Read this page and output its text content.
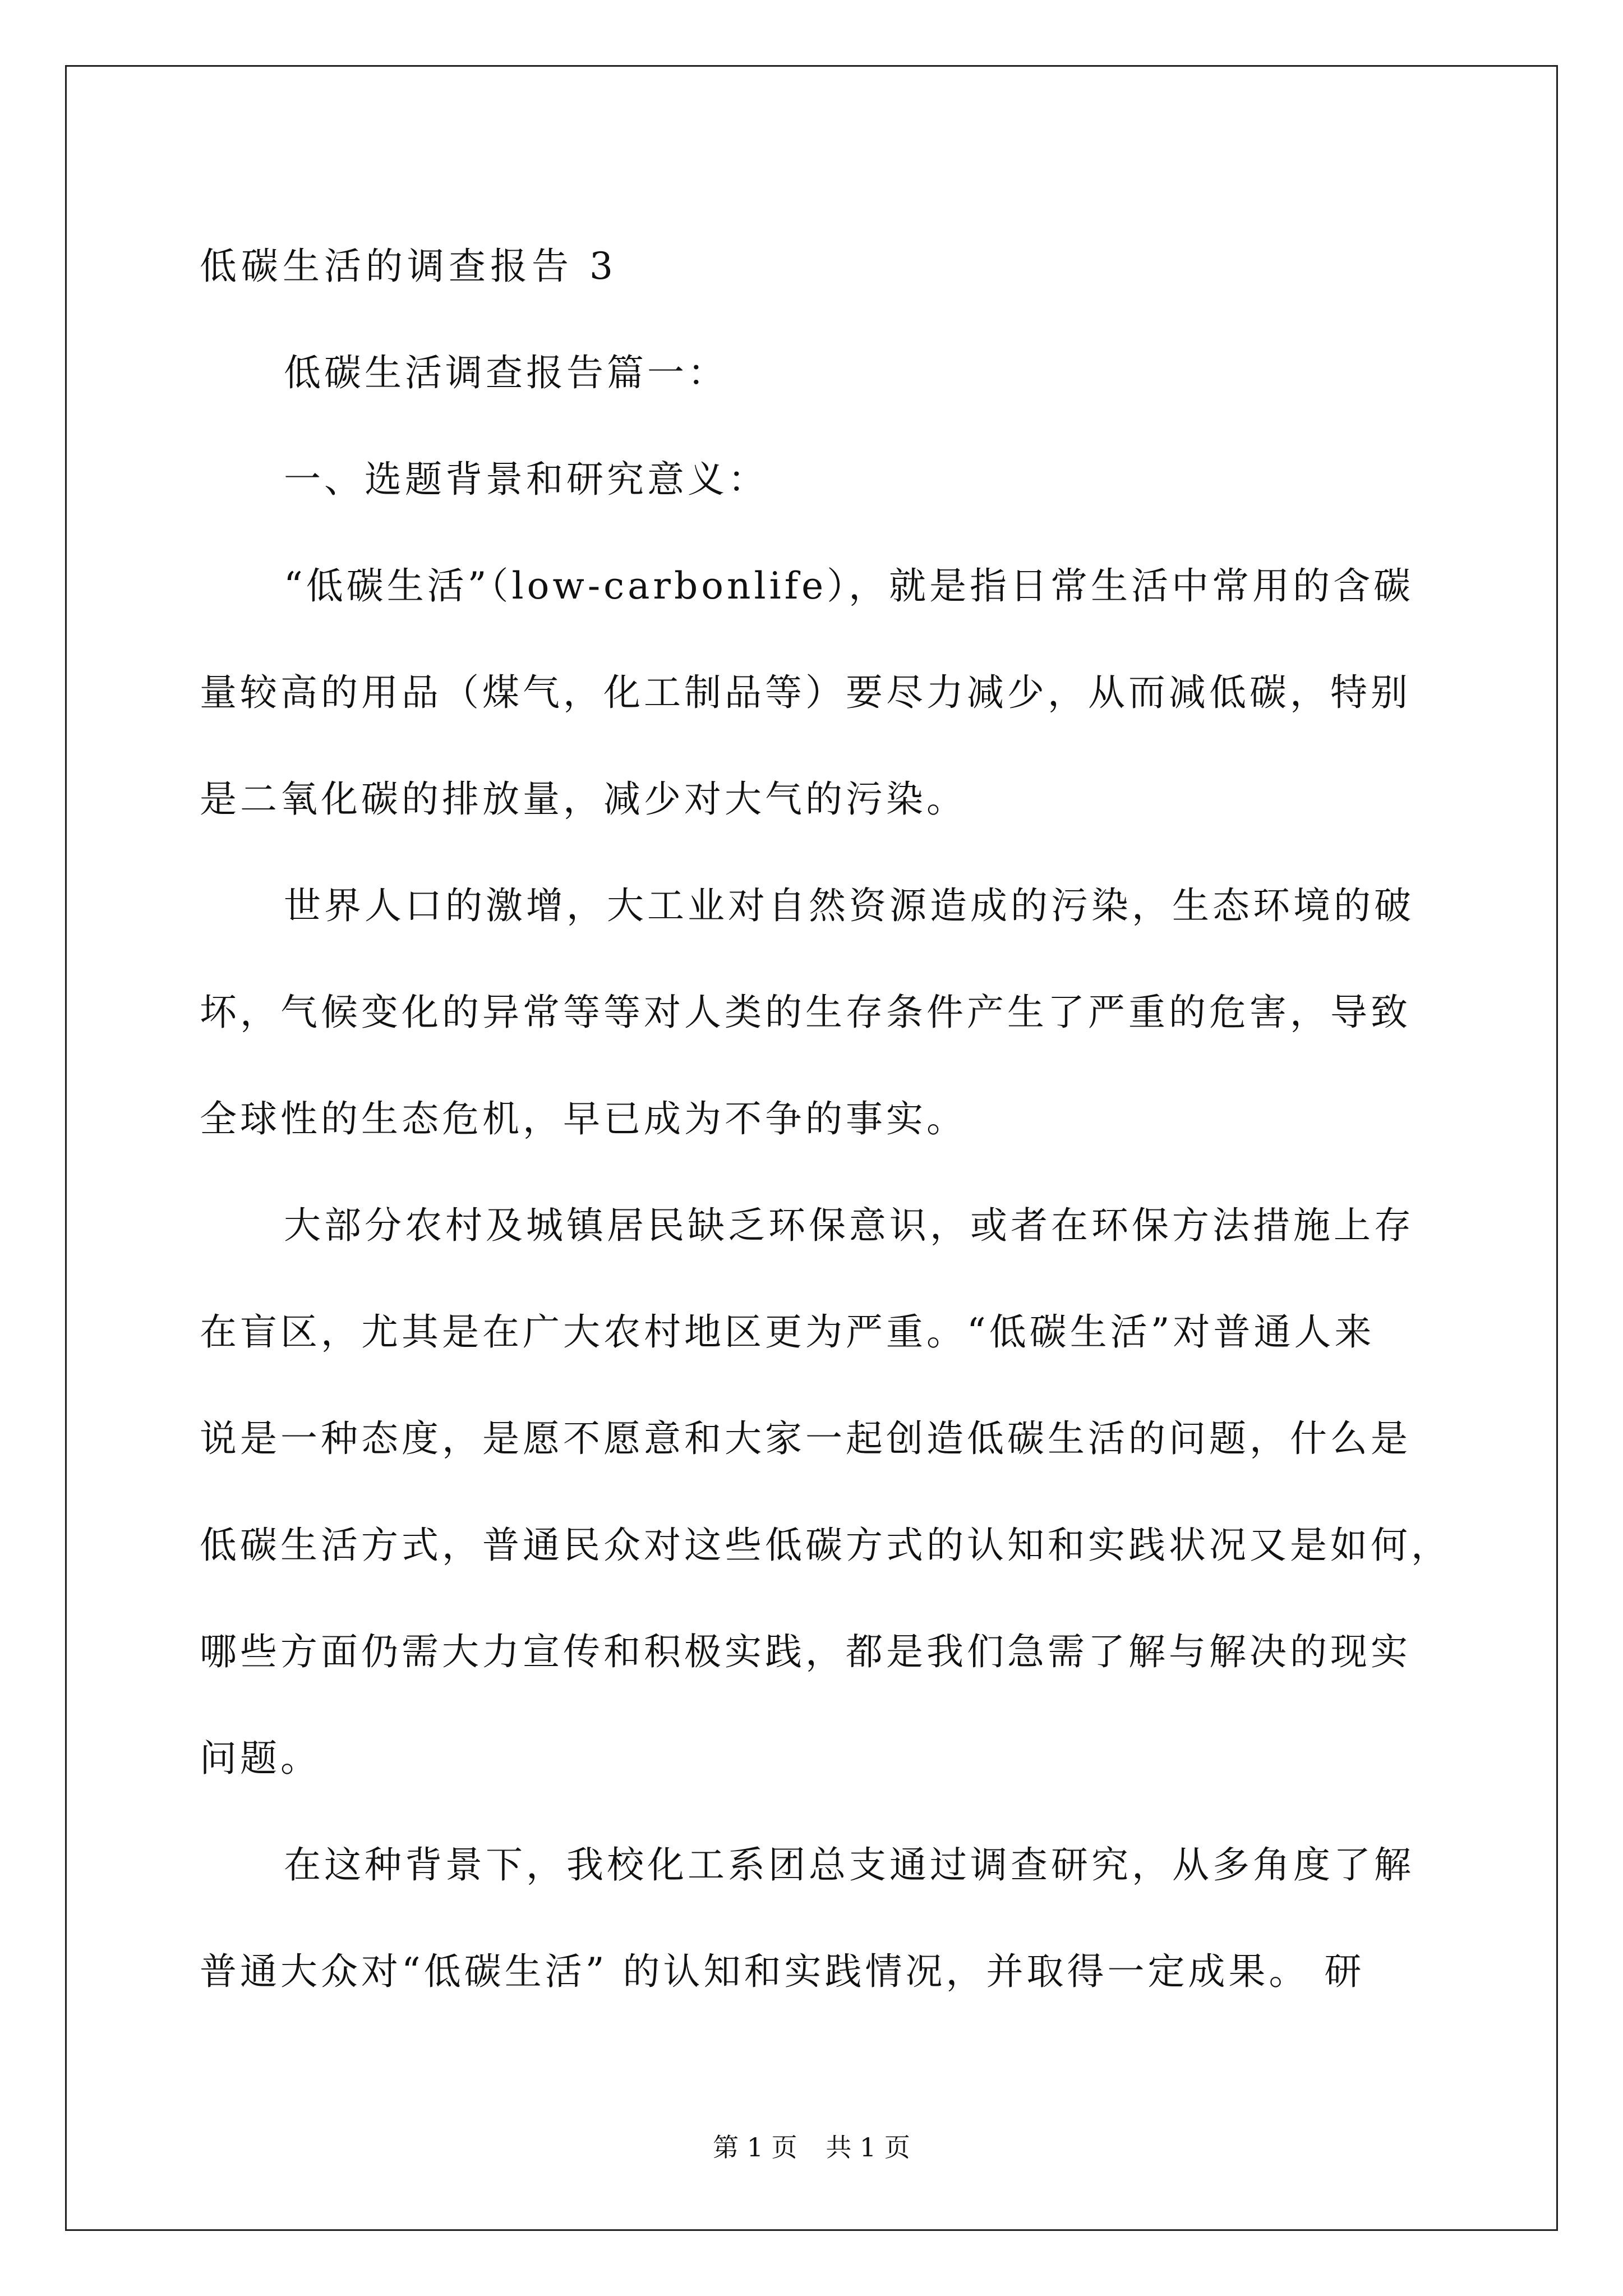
低碳生活的调查报告 3
低碳生活调查报告篇一：
一、选题背景和研究意义：
“低碳生活”（low-carbonlife），就是指日常生活中常用的含碳
量较高的用品（煤气，化工制品等）要尽力减少，从而减低碳，特别
是二氧化碳的排放量，减少对大气的污染。
世界人口的激增，大工业对自然资源造成的污染，生态环境的破
坏，气候变化的异常等等对人类的生存条件产生了严重的危害，导致
全球性的生态危机，早已成为不争的事实。
大部分农村及城镇居民缺乏环保意识，或者在环保方法措施上存
在盲区，尤其是在广大农村地区更为严重。“低碳生活”对普通人来
说是一种态度，是愿不愿意和大家一起创造低碳生活的问题，什么是
低碳生活方式，普通民众对这些低碳方式的认知和实践状况又是如何，
哪些方面仍需大力宣传和积极实践，都是我们急需了解与解决的现实
问题。
在这种背景下，我校化工系团总支通过调查研究，从多角度了解
普通大众对“低碳生活” 的认知和实践情况，并取得一定成果。 研
第 1 页 共 1 页
